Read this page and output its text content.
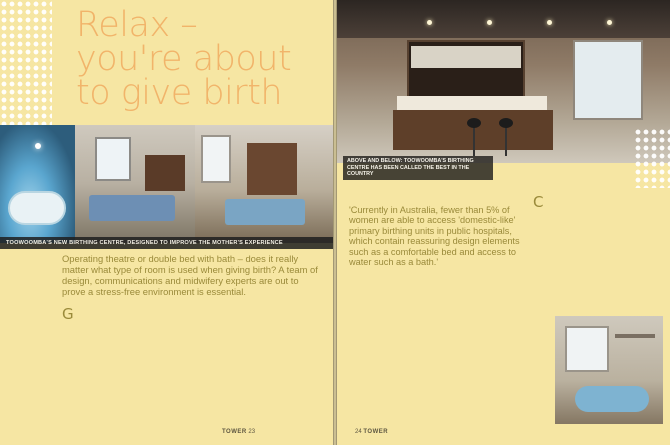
Relax –
you're about
to give birth
TOOWOOMBA'S NEW BIRTHING CENTRE, DESIGNED TO IMPROVE THE MOTHER'S EXPERIENCE

Operating theatre or double bed with bath – does it really matter what type of room is used when giving birth? A team of design, communications and midwifery experts are out to prove a stress-free environment is essential.

G
TOWER 23
ABOVE AND BELOW: TOOWOOMBA'S BIRTHING CENTRE HAS BEEN CALLED THE BEST IN THE COUNTRY

'Currently in Australia, fewer than 5% of women are able to access 'domestic-like' primary birthing units in public hospitals, which contain reassuring design elements such as a comfortable bed and access to water such as a bath.'

C
24 TOWER
